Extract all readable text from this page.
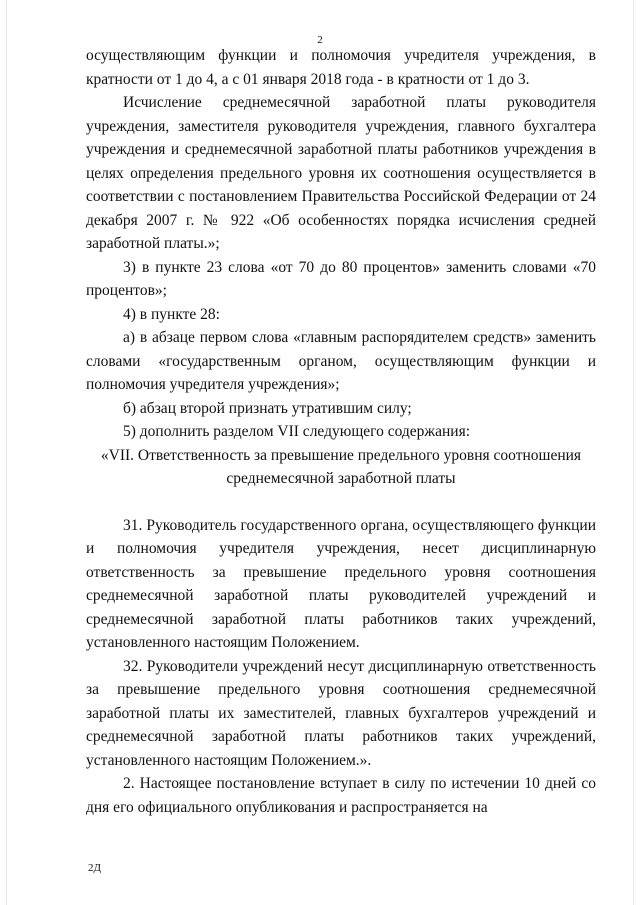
2

осуществляющим функции и полномочия учредителя учреждения, в кратности от 1 до 4, а с 01 января 2018 года - в кратности от 1 до 3.

Исчисление среднемесячной заработной платы руководителя учреждения, заместителя руководителя учреждения, главного бухгалтера учреждения и среднемесячной заработной платы работников учреждения в целях определения предельного уровня их соотношения осуществляется в соответствии с постановлением Правительства Российской Федерации от 24 декабря 2007 г. № 922 «Об особенностях порядка исчисления средней заработной платы.»;

3) в пункте 23 слова «от 70 до 80 процентов» заменить словами «70 процентов»;

4) в пункте 28:

а) в абзаце первом слова «главным распорядителем средств» заменить словами «государственным органом, осуществляющим функции и полномочия учредителя учреждения»;

б) абзац второй признать утратившим силу;

5) дополнить разделом VII следующего содержания:

«VII. Ответственность за превышение предельного уровня соотношения

среднемесячной заработной платы

31. Руководитель государственного органа, осуществляющего функции и полномочия учредителя учреждения, несет дисциплинарную ответственность за превышение предельного уровня соотношения среднемесячной заработной платы руководителей учреждений и среднемесячной заработной платы работников таких учреждений, установленного настоящим Положением.

32. Руководители учреждений несут дисциплинарную ответственность за превышение предельного уровня соотношения среднемесячной заработной платы их заместителей, главных бухгалтеров учреждений и среднемесячной заработной платы работников таких учреждений, установленного настоящим Положением.».

2. Настоящее постановление вступает в силу по истечении 10 дней со дня его официального опубликования и распространяется на

2Д
